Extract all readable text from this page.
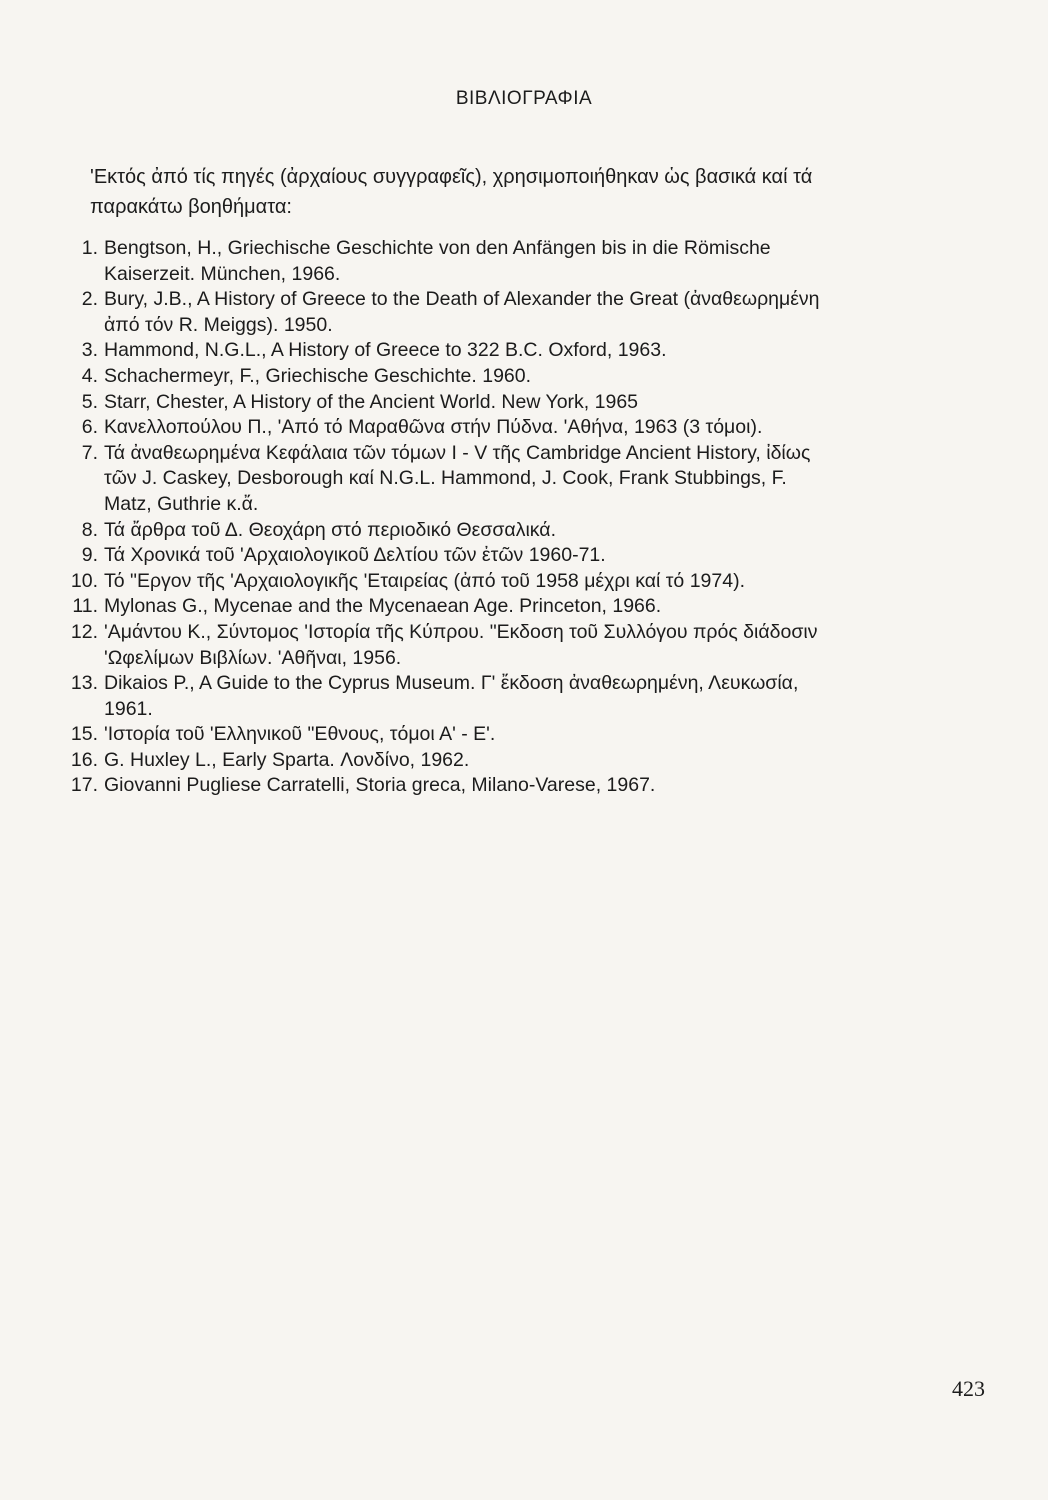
ΒΙΒΛΙΟΓΡΑΦΙΑ

'Εκτός ἀπό τίς πηγές (ἀρχαίους συγγραφεῖς), χρησιμοποιήθηκαν ὡς βασικά καί τά παρακάτω βοηθήματα:

1. Bengtson, H., Griechische Geschichte von den Anfängen bis in die Römische Kaiserzeit. München, 1966.
2. Bury, J.B., A History of Greece to the Death of Alexander the Great (ἀναθεωρημένη ἀπό τόν R. Meiggs). 1950.
3. Hammond, N.G.L., A History of Greece to 322 B.C. Oxford, 1963.
4. Schachermeyr, F., Griechische Geschichte. 1960.
5. Starr, Chester, A History of the Ancient World. New York, 1965
6. Κανελλοπούλου Π., 'Από τό Μαραθῶνα στήν Πύδνα. 'Αθήνα, 1963 (3 τόμοι).
7. Τά ἀναθεωρημένα Κεφάλαια τῶν τόμων I - V τῆς Cambridge Ancient History, ἰδίως τῶν J. Caskey, Desborough καί N.G.L. Hammond, J. Cook, Frank Stubbings, F. Matz, Guthrie κ.ἄ.
8. Τά ἄρθρα τοῦ Δ. Θεοχάρη στό περιοδικό Θεσσαλικά.
9. Τά Χρονικά τοῦ 'Αρχαιολογικοῦ Δελτίου τῶν ἐτῶν 1960-71.
10. Τό "Εργον τῆς 'Αρχαιολογικῆς 'Εταιρείας (ἀπό τοῦ 1958 μέχρι καί τό 1974).
11. Mylonas G., Mycenae and the Mycenaean Age. Princeton, 1966.
12. 'Αμάντου Κ., Σύντομος 'Ιστορία τῆς Κύπρου. "Εκδοση τοῦ Συλλόγου πρός διάδοσιν 'Ωφελίμων Βιβλίων. 'Αθῆναι, 1956.
13. Dikaios P., A Guide to the Cyprus Museum. Γ' ἔκδοση ἀναθεωρημένη, Λευκωσία, 1961.
15. 'Ιστορία τοῦ 'Ελληνικοῦ "Εθνους, τόμοι Α' - Ε'.
16. G. Huxley L., Early Sparta. Λονδίνο, 1962.
17. Giovanni Pugliese Carratelli, Storia greca, Milano-Varese, 1967.
423
